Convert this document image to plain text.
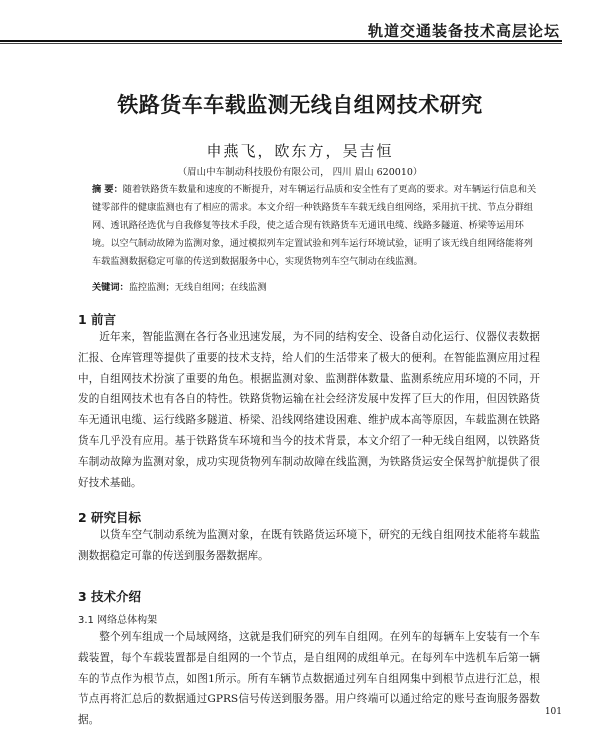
轨道交通装备技术高层论坛
铁路货车车载监测无线自组网技术研究
申燕飞，欧东方，吴吉恒
（眉山中车制动科技股份有限公司， 四川 眉山 620010）
摘 要：随着铁路货车数量和速度的不断提升，对车辆运行品质和安全性有了更高的要求。对车辆运行信息和关键零部件的健康监测也有了相应的需求。本文介绍一种铁路货车车载无线自组网络，采用抗干扰、节点分群组网、透讯路径选优与自我修复等技术手段，使之适合现有铁路货车无通讯电缆、线路多隧道、桥梁等运用环境。以空气制动故障为监测对象，通过模拟列车定置试验和列车运行环境试验，证明了该无线自组网络能将列车载监测数据稳定可靠的传送到数据服务中心，实现货物列车空气制动在线监测。
关键词：监控监测；无线自组网；在线监测
1 前言
近年来，智能监测在各行各业迅速发展，为不同的结构安全、设备自动化运行、仪器仪表数据汇报、仓库管理等提供了重要的技术支持，给人们的生活带来了极大的便利。在智能监测应用过程中，自组网技术扮演了重要的角色。根据监测对象、监测群体数量、监测系统应用环境的不同，开发的自组网技术也有各自的特性。铁路货物运输在社会经济发展中发挥了巨大的作用，但因铁路货车无通讯电缆、运行线路多隧道、桥梁、沿线网络建设困难、维护成本高等原因，车载监测在铁路货车几乎没有应用。基于铁路货车环境和当今的技术背景，本文介绍了一种无线自组网，以铁路货车制动故障为监测对象，成功实现货物列车制动故障在线监测，为铁路货运安全保驾护航提供了很好技术基础。
2 研究目标
以货车空气制动系统为监测对象，在既有铁路货运环境下，研究的无线自组网技术能将车载监测数据稳定可靠的传送到服务器数据库。
3 技术介绍
3.1 网络总体构架
整个列车组成一个局域网络，这就是我们研究的列车自组网。在列车的每辆车上安装有一个车载装置，每个车载装置都是自组网的一个节点，是自组网的成组单元。在每列车中选机车后第一辆车的节点作为根节点，如图1所示。所有车辆节点数据通过列车自组网集中到根节点进行汇总，根节点再将汇总后的数据通过GPRS信号传送到服务器。用户终端可以通过给定的账号查询服务器数据。
101
